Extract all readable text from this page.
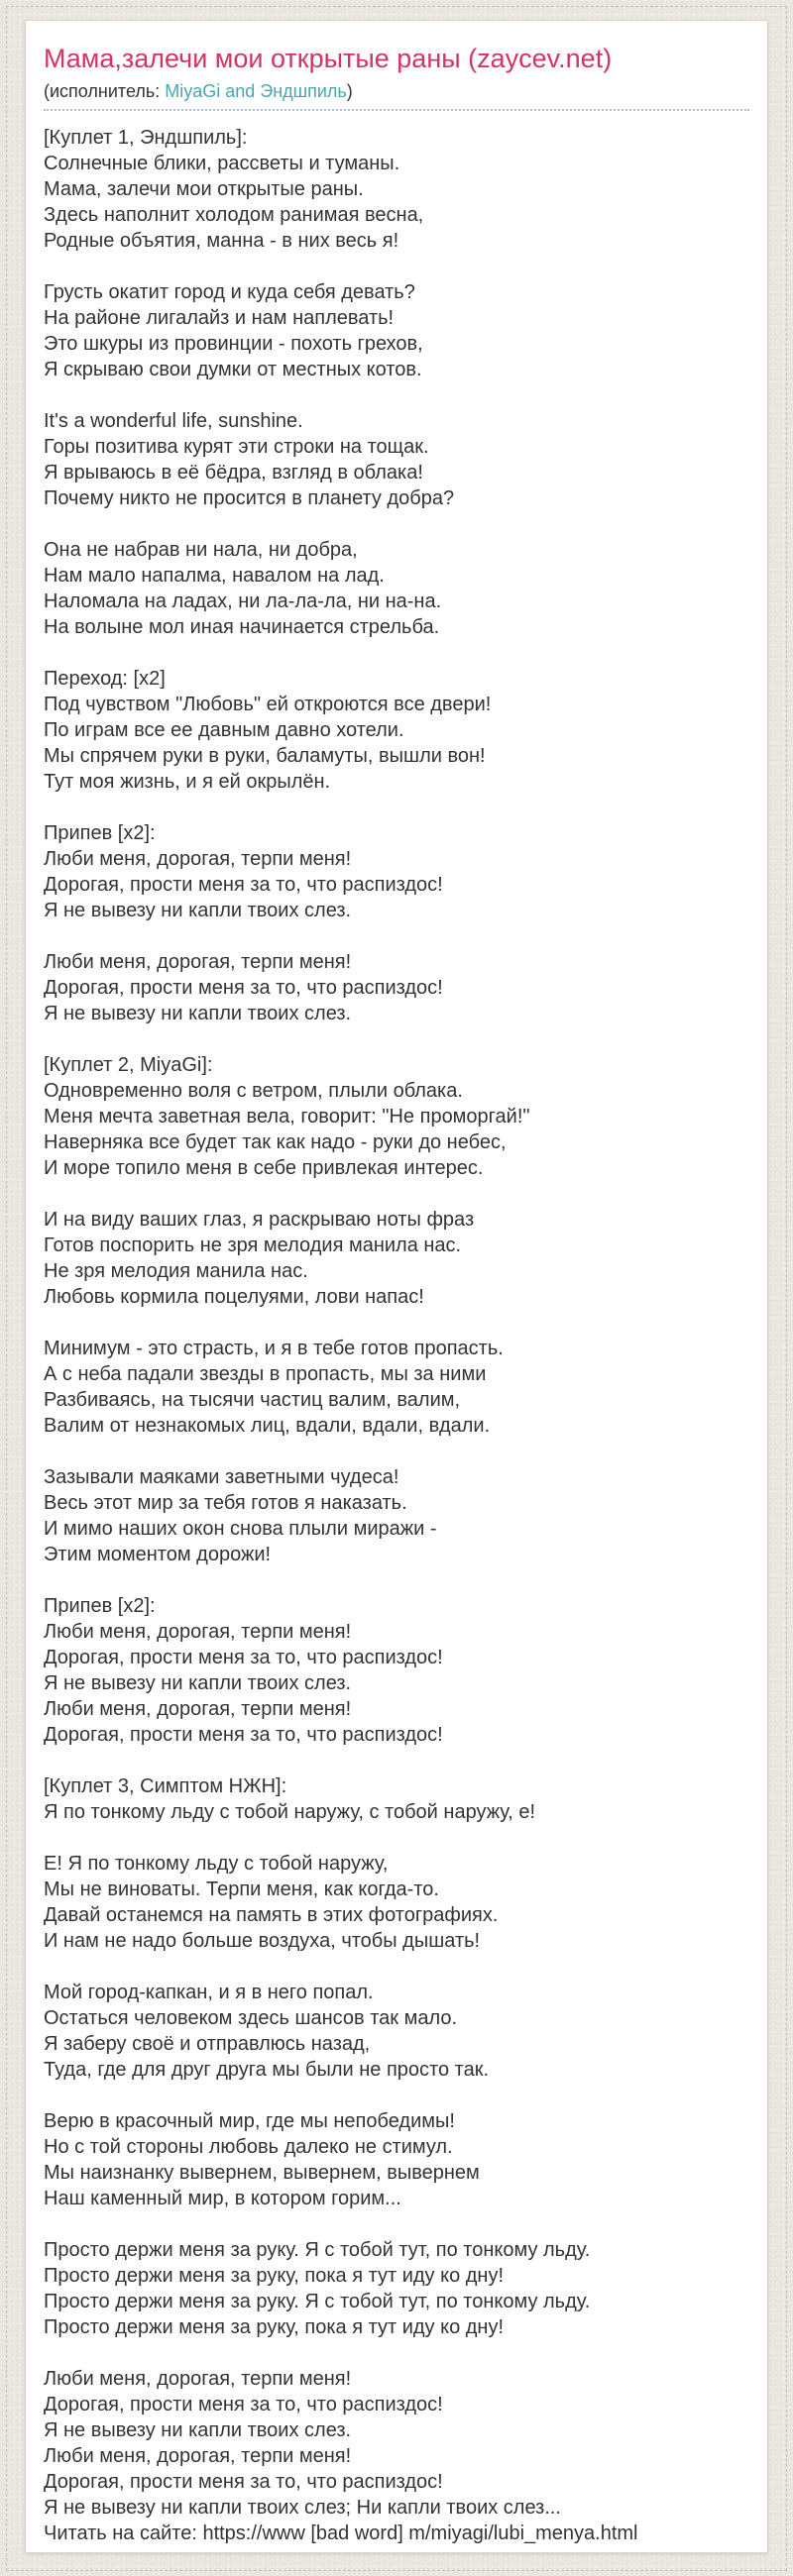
Мама,залечи мои открытые раны (zaycev.net)
(исполнитель: MiyaGi and Эндшпиль)
[Куплет 1, Эндшпиль]:
Солнечные блики, рассветы и туманы.
Мама, залечи мои открытые раны.
Здесь наполнит холодом ранимая весна,
Родные объятия, манна - в них весь я!

Грусть окатит город и куда себя девать?
На районе лигалайз и нам наплевать!
Это шкуры из провинции - похоть грехов,
Я скрываю свои думки от местных котов.

It's a wonderful life, sunshine.
Горы позитива курят эти строки на тощак.
Я врываюсь в её бёдра, взгляд в облака!
Почему никто не просится в планету добра?

Она не набрав ни нала, ни добра,
Нам мало напалма, навалом на лад.
Наломала на ладах, ни ла-ла-ла, ни на-на.
На волыне мол иная начинается стрельба.

Переход: [x2]
Под чувством "Любовь" ей откроются все двери!
По играм все ее давным давно хотели.
Мы спрячем руки в руки, баламуты, вышли вон!
Тут моя жизнь, и я ей окрылён.

Припев [x2]:
Люби меня, дорогая, терпи меня!
Дорогая, прости меня за то, что распиздос!
Я не вывезу ни капли твоих слез.

Люби меня, дорогая, терпи меня!
Дорогая, прости меня за то, что распиздос!
Я не вывезу ни капли твоих слез.

[Куплет 2, MiyaGi]:
Одновременно воля с ветром, плыли облака.
Меня мечта заветная вела, говорит: "Не проморгай!"
Наверняка все будет так как надо - руки до небес,
И море топило меня в себе привлекая интерес.

И на виду ваших глаз, я раскрываю ноты фраз
Готов поспорить не зря мелодия манила нас.
Не зря мелодия манила нас.
Любовь кормила поцелуями, лови напас!

Минимум - это страсть, и я в тебе готов пропасть.
А с неба падали звезды в пропасть, мы за ними
Разбиваясь, на тысячи частиц валим, валим,
Валим от незнакомых лиц, вдали, вдали, вдали.

Зазывали маяками заветными чудеса!
Весь этот мир за тебя готов я наказать.
И мимо наших окон снова плыли миражи -
Этим моментом дорожи!

Припев [x2]:
Люби меня, дорогая, терпи меня!
Дорогая, прости меня за то, что распиздос!
Я не вывезу ни капли твоих слез.
Люби меня, дорогая, терпи меня!
Дорогая, прости меня за то, что распиздос!

[Куплет 3, Симптом НЖН]:
Я по тонкому льду с тобой наружу, с тобой наружу, е!

Е! Я по тонкому льду с тобой наружу,
Мы не виноваты. Терпи меня, как когда-то.
Давай останемся на память в этих фотографиях.
И нам не надо больше воздуха, чтобы дышать!

Мой город-капкан, и я в него попал.
Остаться человеком здесь шансов так мало.
Я заберу своё и отправлюсь назад,
Туда, где для друг друга мы были не просто так.

Верю в красочный мир, где мы непобедимы!
Но с той стороны любовь далеко не стимул.
Мы наизнанку вывернем, вывернем, вывернем
Наш каменный мир, в котором горим...

Просто держи меня за руку. Я с тобой тут, по тонкому льду.
Просто держи меня за руку, пока я тут иду ко дну!
Просто держи меня за руку. Я с тобой тут, по тонкому льду.
Просто держи меня за руку, пока я тут иду ко дну!

Люби меня, дорогая, терпи меня!
Дорогая, прости меня за то, что распиздос!
Я не вывезу ни капли твоих слез.
Люби меня, дорогая, терпи меня!
Дорогая, прости меня за то, что распиздос!
Я не вывезу ни капли твоих слез; Ни капли твоих слез...
Читать на сайте: https://www [bad word] m/miyagi/lubi_menya.html
